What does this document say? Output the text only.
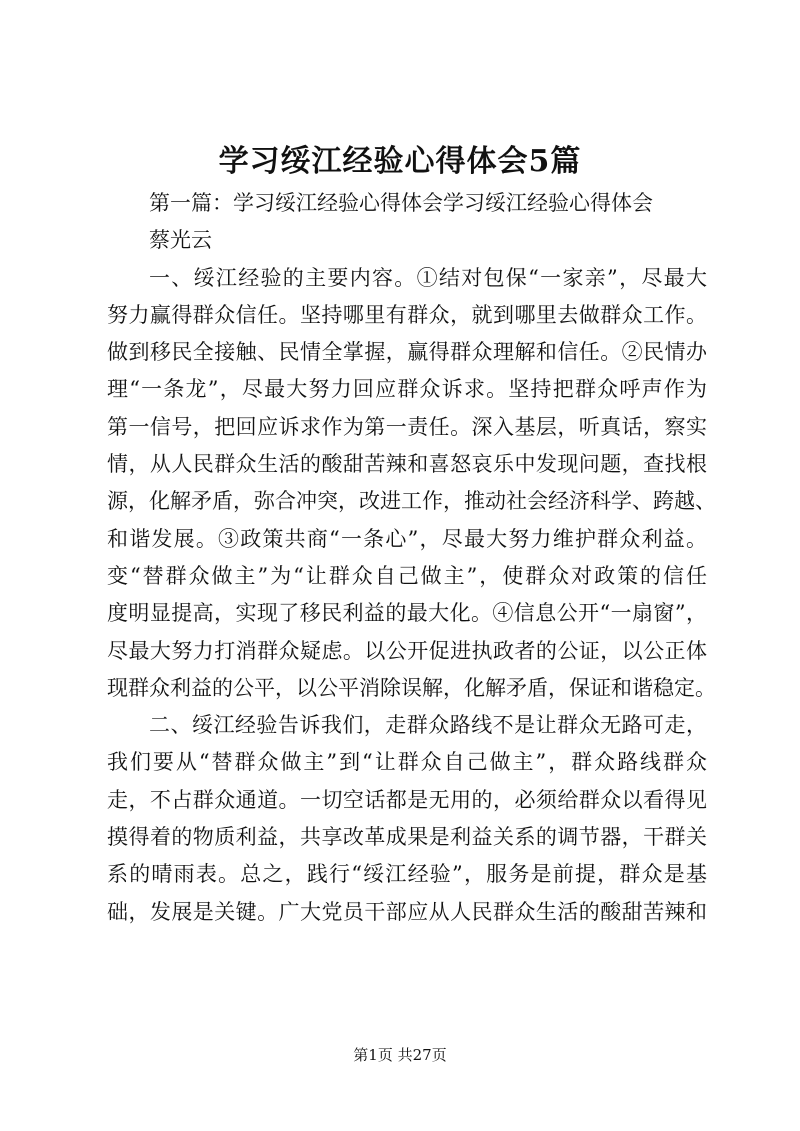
学习绥江经验心得体会5篇
第一篇：学习绥江经验心得体会学习绥江经验心得体会
蔡光云
一、绥江经验的主要内容。①结对包保“一家亲”，尽最大
努力赢得群众信任。坚持哪里有群众，就到哪里去做群众工作。
做到移民全接触、民情全掌握，赢得群众理解和信任。②民情办
理“一条龙”，尽最大努力回应群众诉求。坚持把群众呼声作为
第一信号，把回应诉求作为第一责任。深入基层，听真话，察实
情，从人民群众生活的酸甜苦辣和喜怒哀乐中发现问题，查找根
源，化解矛盾，弥合冲突，改进工作，推动社会经济科学、跨越、
和谐发展。③政策共商“一条心”，尽最大努力维护群众利益。
变“替群众做主”为“让群众自己做主”，使群众对政策的信任
度明显提高，实现了移民利益的最大化。④信息公开“一扇窗”，
尽最大努力打消群众疑虑。以公开促进执政者的公证，以公正体
现群众利益的公平，以公平消除误解，化解矛盾，保证和谐稳定。
二、绥江经验告诉我们，走群众路线不是让群众无路可走，
我们要从“替群众做主”到“让群众自己做主”，群众路线群众
走，不占群众通道。一切空话都是无用的，必须给群众以看得见
摸得着的物质利益，共享改革成果是利益关系的调节器，干群关
系的晴雨表。总之，践行“绥江经验”，服务是前提，群众是基
础，发展是关键。广大党员干部应从人民群众生活的酸甜苦辣和
第1页 共27页
